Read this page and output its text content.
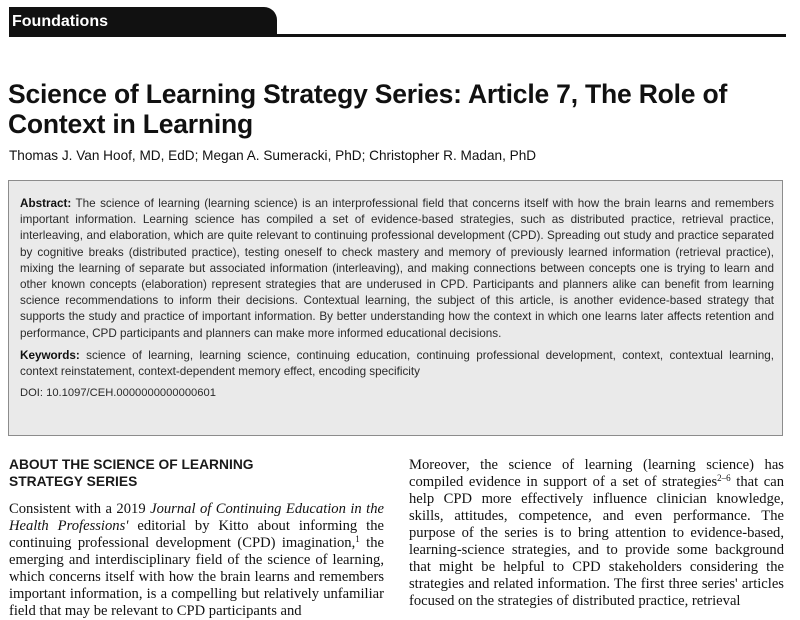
Foundations
Science of Learning Strategy Series: Article 7, The Role of Context in Learning
Thomas J. Van Hoof, MD, EdD; Megan A. Sumeracki, PhD; Christopher R. Madan, PhD

Abstract: The science of learning (learning science) is an interprofessional field that concerns itself with how the brain learns and remembers important information. Learning science has compiled a set of evidence-based strategies, such as distributed practice, retrieval practice, interleaving, and elaboration, which are quite relevant to continuing professional development (CPD). Spreading out study and practice separated by cognitive breaks (distributed practice), testing oneself to check mastery and memory of previously learned information (retrieval practice), mixing the learning of separate but associated information (interleaving), and making connections between concepts one is trying to learn and other known concepts (elaboration) represent strategies that are underused in CPD. Participants and planners alike can benefit from learning science recommendations to inform their decisions. Contextual learning, the subject of this article, is another evidence-based strategy that supports the study and practice of important information. By better understanding how the context in which one learns later affects retention and performance, CPD participants and planners can make more informed educational decisions.

Keywords: science of learning, learning science, continuing education, continuing professional development, context, contextual learning, context reinstatement, context-dependent memory effect, encoding specificity

DOI: 10.1097/CEH.0000000000000601
ABOUT THE SCIENCE OF LEARNING STRATEGY SERIES

Consistent with a 2019 Journal of Continuing Education in the Health Professions' editorial by Kitto about informing the continuing professional development (CPD) imagination,$^1$ the emerging and interdisciplinary field of the science of learning, which concerns itself with how the brain learns and remembers important information, is a compelling but relatively unfamiliar field that may be relevant to CPD participants and

Moreover, the science of learning (learning science) has compiled evidence in support of a set of strategies$^{2-6}$ that can help CPD more effectively influence clinician knowledge, skills, attitudes, competence, and even performance. The purpose of the series is to bring attention to evidence-based, learning-science strategies, and to provide some background that might be helpful to CPD stakeholders considering the strategies and related information. The first three series' articles focused on the strategies of distributed practice, retrieval
